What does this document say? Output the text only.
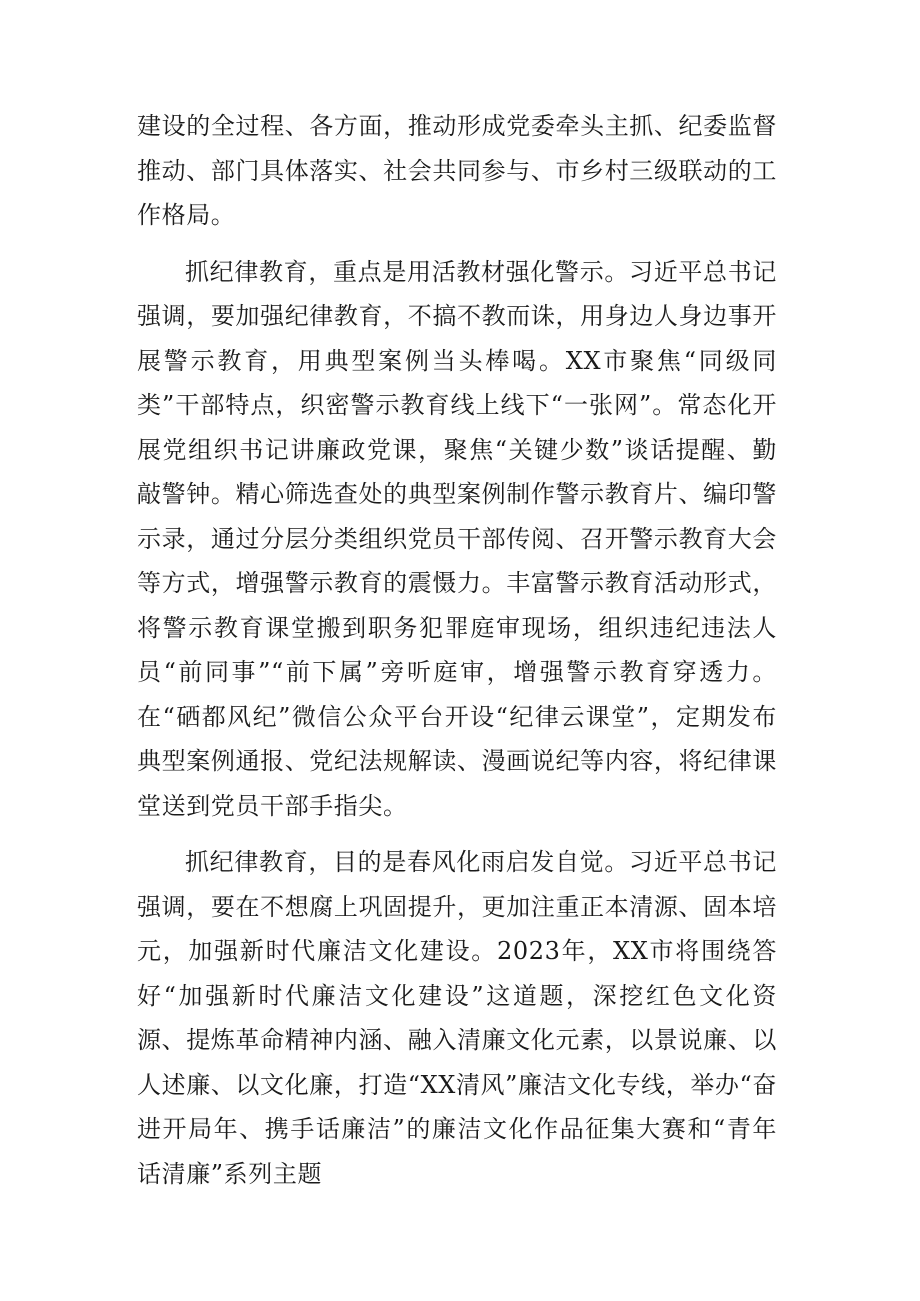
建设的全过程、各方面，推动形成党委牵头主抓、纪委监督推动、部门具体落实、社会共同参与、市乡村三级联动的工作格局。

抓纪律教育，重点是用活教材强化警示。习近平总书记强调，要加强纪律教育，不搞不教而诛，用身边人身边事开展警示教育，用典型案例当头棒喝。XX市聚焦“同级同类”干部特点，织密警示教育线上线下“一张网”。常态化开展党组织书记讲廉政党课，聚焦“关键少数”谈话提醒、勤敲警钟。精心筛选查处的典型案例制作警示教育片、编印警示录，通过分层分类组织党员干部传阅、召开警示教育大会等方式，增强警示教育的震慑力。丰富警示教育活动形式，将警示教育课堂搬到职务犯罪庭审现场，组织违纪违法人员“前同事”“前下属”旁听庭审，增强警示教育穿透力。在“硒都风纪”微信公众平台开设“纪律云课堂”，定期发布典型案例通报、党纪法规解读、漫画说纪等内容，将纪律课堂送到党员干部手指尖。

抓纪律教育，目的是春风化雨启发自觉。习近平总书记强调，要在不想腐上巩固提升，更加注重正本清源、固本培元，加强新时代廉洁文化建设。2023年，XX市将围绕答好“加强新时代廉洁文化建设”这道题，深挖红色文化资源、提炼革命精神内涵、融入清廉文化元素，以景说廉、以人述廉、以文化廉，打造“XX清风”廉洁文化专线，举办“奋进开局年、携手话廉洁”的廉洁文化作品征集大赛和“青年话清廉”系列主题
